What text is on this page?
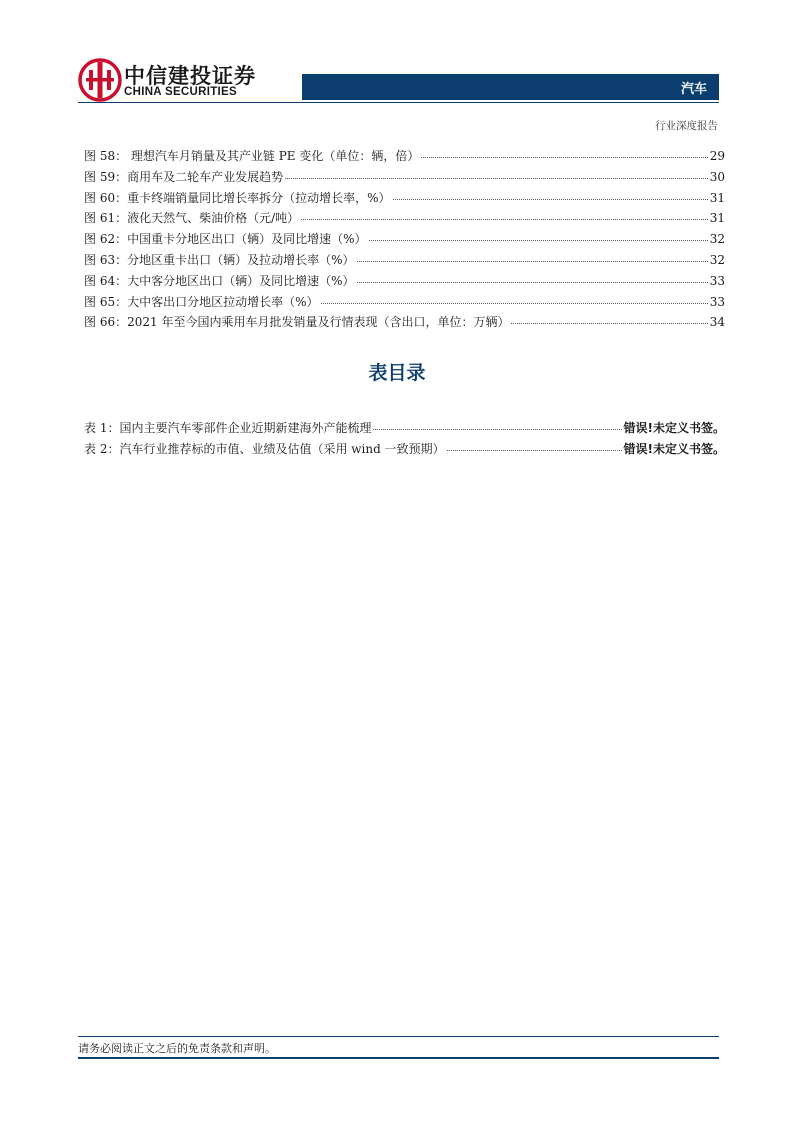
中信建投证券
CHINA SECURITIES	汽车
行业深度报告
图 58： 理想汽车月销量及其产业链 PE 变化（单位：辆，倍）	29
图 59：商用车及二轮车产业发展趋势	30
图 60：重卡终端销量同比增长率拆分（拉动增长率，%）	31
图 61：液化天然气、柴油价格（元/吨）	31
图 62：中国重卡分地区出口（辆）及同比增速（%）	32
图 63：分地区重卡出口（辆）及拉动增长率（%）	32
图 64：大中客分地区出口（辆）及同比增速（%）	33
图 65：大中客出口分地区拉动增长率（%）	33
图 66：2021 年至今国内乘用车月批发销量及行情表现（含出口，单位：万辆）	34
表目录
表 1：国内主要汽车零部件企业近期新建海外产能梳理	错误!未定义书签。
表 2：汽车行业推荐标的市值、业绩及估值（采用 wind 一致预期）	错误!未定义书签。
请务必阅读正文之后的免责条款和声明。
